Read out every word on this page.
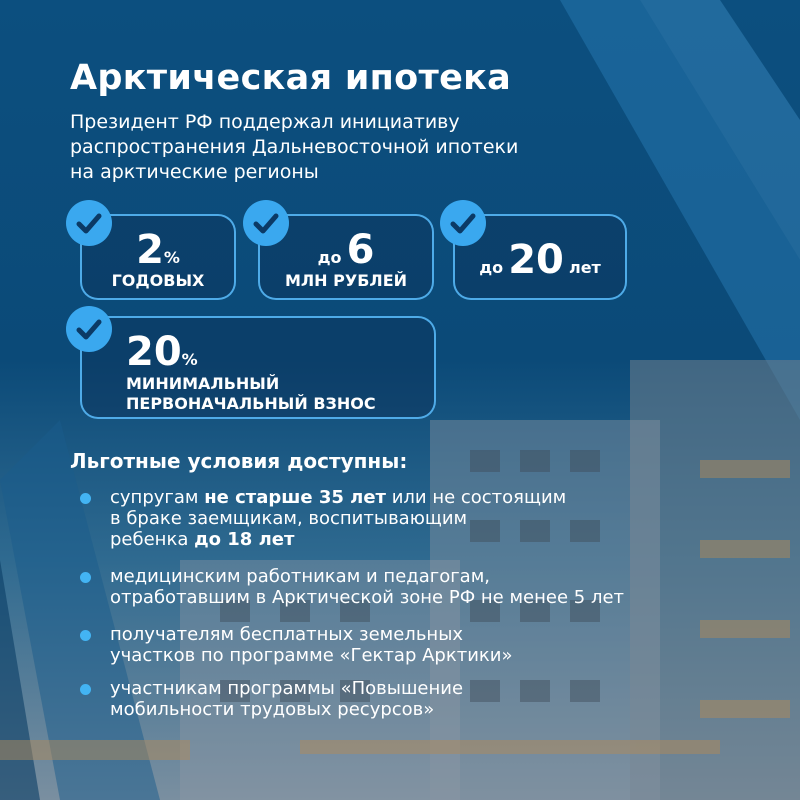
Арктическая ипотека
Президент РФ поддержал инициативу распространения Дальневосточной ипотеки на арктические регионы
2%
ГОДОВЫХ
до 6
МЛН РУБЛЕЙ
до 20 лет
20%
МИНИМАЛЬНЫЙ
ПЕРВОНАЧАЛЬНЫЙ ВЗНОС
Льготные условия доступны:
супругам не старше 35 лет или не состоящим
в браке заемщикам, воспитывающим
ребенка до 18 лет
медицинским работникам и педагогам,
отработавшим в Арктической зоне РФ не менее 5 лет
получателям бесплатных земельных
участков по программе «Гектар Арктики»
участникам программы «Повышение
мобильности трудовых ресурсов»
